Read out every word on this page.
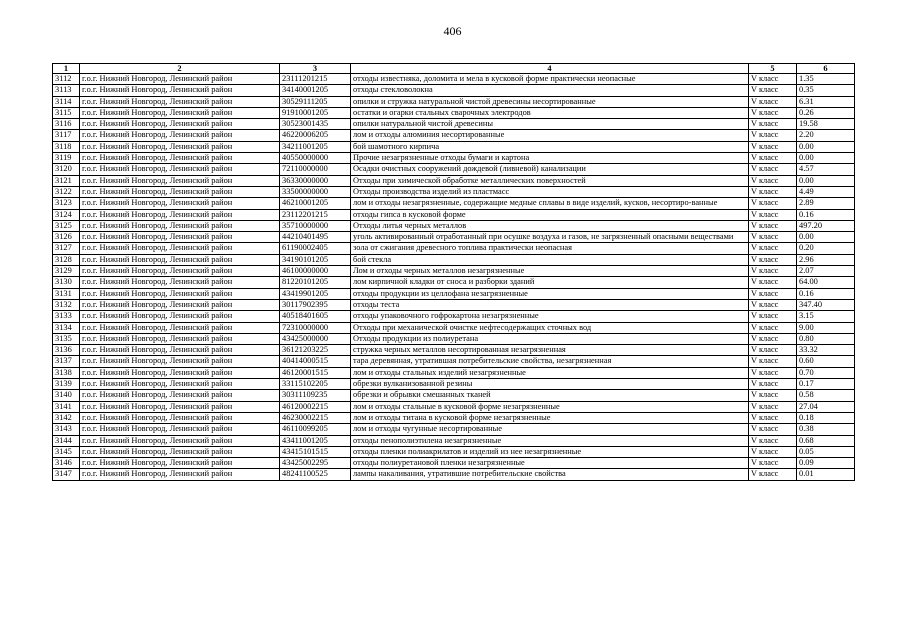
406
1	2	3	4	5	6
3112	г.о.г. Нижний Новгород, Ленинский район	23111201215	отходы известняка, доломита и мела в кусковой форме практически неопасные	V класс	1.35
3113	г.о.г. Нижний Новгород, Ленинский район	34140001205	отходы стекловолокна	V класс	0.35
3114	г.о.г. Нижний Новгород, Ленинский район	30529111205	опилки и стружка натуральной чистой древесины несортированные	V класс	6.31
3115	г.о.г. Нижний Новгород, Ленинский район	91910001205	остатки и огарки стальных сварочных электродов	V класс	0.26
3116	г.о.г. Нижний Новгород, Ленинский район	30523001435	опилки натуральной чистой древесины	V класс	19.58
3117	г.о.г. Нижний Новгород, Ленинский район	46220006205	лом и отходы алюминия несортированные	V класс	2.20
3118	г.о.г. Нижний Новгород, Ленинский район	34211001205	бой шамотного кирпича	V класс	0.00
3119	г.о.г. Нижний Новгород, Ленинский район	40550000000	Прочие незагрязненные отходы бумаги и картона	V класс	0.00
3120	г.о.г. Нижний Новгород, Ленинский район	72110000000	Осадки очистных сооружений дождевой (ливневой) канализации	V класс	4.57
3121	г.о.г. Нижний Новгород, Ленинский район	36330000000	Отходы при химической обработке металлических поверхностей	V класс	0.00
3122	г.о.г. Нижний Новгород, Ленинский район	33500000000	Отходы производства изделий из пластмасс	V класс	4.49
3123	г.о.г. Нижний Новгород, Ленинский район	46210001205	лом и отходы незагрязненные, содержащие медные сплавы в виде изделий, кусков, несортиро-ванные	V класс	2.89
3124	г.о.г. Нижний Новгород, Ленинский район	23112201215	отходы гипса в кусковой форме	V класс	0.16
3125	г.о.г. Нижний Новгород, Ленинский район	35710000000	Отходы литья черных металлов	V класс	497.20
3126	г.о.г. Нижний Новгород, Ленинский район	44210401495	уголь активированный отработанный при осушке воздуха и газов, не загрязненный опасными веществами	V класс	0.00
3127	г.о.г. Нижний Новгород, Ленинский район	61190002405	зола от сжигания древесного топлива практически неопасная	V класс	0.20
3128	г.о.г. Нижний Новгород, Ленинский район	34190101205	бой стекла	V класс	2.96
3129	г.о.г. Нижний Новгород, Ленинский район	46100000000	Лом и отходы черных металлов незагрязненные	V класс	2.07
3130	г.о.г. Нижний Новгород, Ленинский район	81220101205	лом кирпичной кладки от сноса и разборки зданий	V класс	64.00
3131	г.о.г. Нижний Новгород, Ленинский район	43419901205	отходы продукции из целлофана незагрязненные	V класс	0.16
3132	г.о.г. Нижний Новгород, Ленинский район	30117902395	отходы теста	V класс	347.40
3133	г.о.г. Нижний Новгород, Ленинский район	40518401605	отходы упаковочного гофрокартона незагрязненные	V класс	3.15
3134	г.о.г. Нижний Новгород, Ленинский район	72310000000	Отходы при механической очистке нефтесодержащих сточных вод	V класс	9.00
3135	г.о.г. Нижний Новгород, Ленинский район	43425000000	Отходы продукции из полиуретана	V класс	0.80
3136	г.о.г. Нижний Новгород, Ленинский район	36121203225	стружка черных металлов несортированная незагрязненная	V класс	33.32
3137	г.о.г. Нижний Новгород, Ленинский район	40414000515	тара деревянная, утратившая потребительские свойства, незагрязненная	V класс	0.60
3138	г.о.г. Нижний Новгород, Ленинский район	46120001515	лом и отходы стальных изделий незагрязненные	V класс	0.70
3139	г.о.г. Нижний Новгород, Ленинский район	33115102205	обрезки вулканизованной резины	V класс	0.17
3140	г.о.г. Нижний Новгород, Ленинский район	30311109235	обрезки и обрывки смешанных тканей	V класс	0.58
3141	г.о.г. Нижний Новгород, Ленинский район	46120002215	лом и отходы стальные в кусковой форме незагрязненные	V класс	27.04
3142	г.о.г. Нижний Новгород, Ленинский район	46230002215	лом и отходы титана в кусковой форме незагрязненные	V класс	0.18
3143	г.о.г. Нижний Новгород, Ленинский район	46110099205	лом и отходы чугунные несортированные	V класс	0.38
3144	г.о.г. Нижний Новгород, Ленинский район	43411001205	отходы пенополиэтилена незагрязненные	V класс	0.68
3145	г.о.г. Нижний Новгород, Ленинский район	43415101515	отходы пленки полиакрилатов и изделий из нее незагрязненные	V класс	0.05
3146	г.о.г. Нижний Новгород, Ленинский район	43425002295	отходы полиуретановой пленки незагрязненные	V класс	0.09
3147	г.о.г. Нижний Новгород, Ленинский район	48241100525	лампы накаливания, утратившие потребительские свойства	V класс	0.01
